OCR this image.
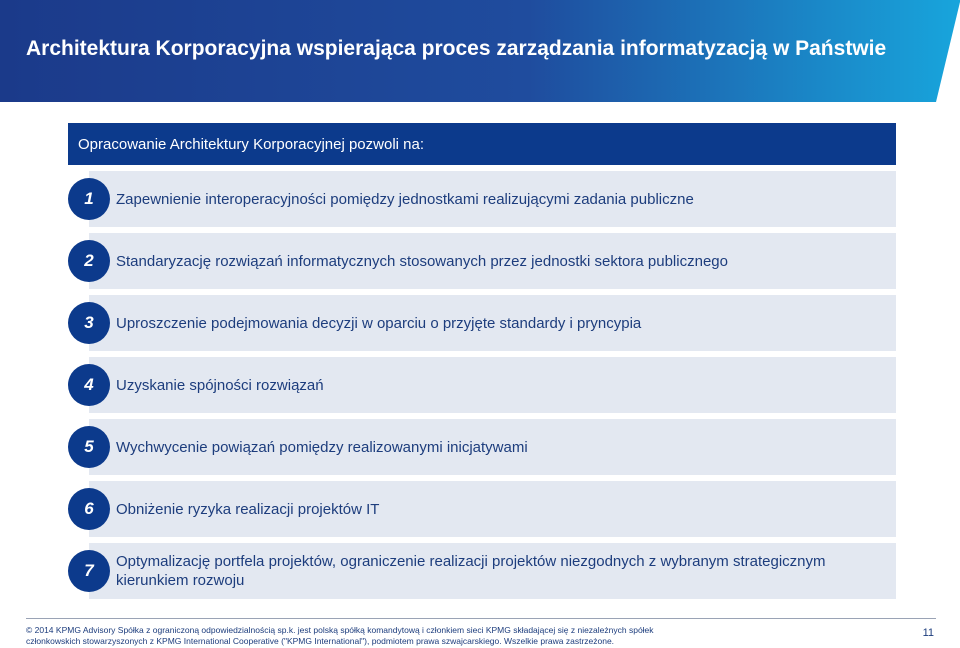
Architektura Korporacyjna wspierająca proces zarządzania informatyzacją w Państwie
Opracowanie Architektury Korporacyjnej pozwoli na:
1	Zapewnienie interoperacyjności pomiędzy jednostkami realizującymi zadania publiczne
2	Standaryzację rozwiązań informatycznych stosowanych przez jednostki sektora publicznego
3	Uproszczenie podejmowania decyzji w oparciu o przyjęte standardy i pryncypia
4	Uzyskanie spójności rozwiązań
5	Wychwycenie powiązań pomiędzy realizowanymi inicjatywami
6	Obniżenie ryzyka realizacji projektów IT
7	Optymalizację portfela projektów, ograniczenie realizacji projektów niezgodnych z wybranym strategicznym kierunkiem rozwoju
© 2014 KPMG Advisory Spółka z ograniczoną odpowiedzialnością sp.k. jest polską spółką komandytową i członkiem sieci KPMG składającej się z niezależnych spółek
członkowskich stowarzyszonych z KPMG International Cooperative ("KPMG International"), podmiotem prawa szwajcarskiego. Wszelkie prawa zastrzeżone.
11
